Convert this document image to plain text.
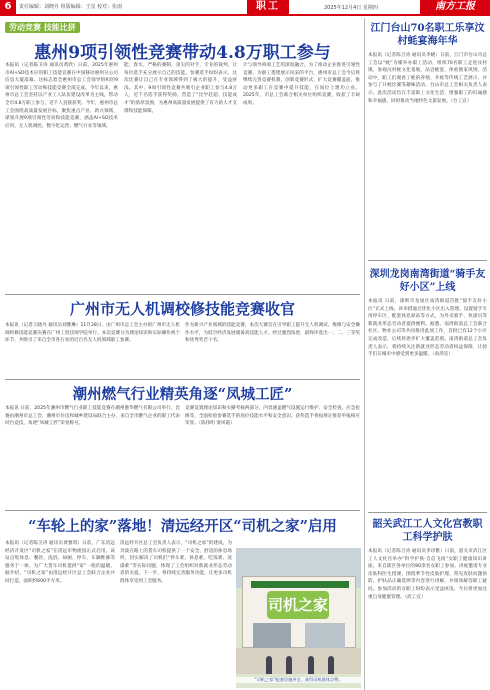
6	责任编辑：刘晓丹 组版编辑：王星 校对：张雨	职工	2025年12月4日 星期四	南方工报
劳动竞赛 技能比拼
惠州9项引领性竞赛带动4.8万职工参与
本报讯（记者陈卫涛 通讯员黄欣）日前，2025年惠州市AI+SO技术应用职工技能竞赛在中国移动惠州分公司信息大厦落幕。这标志着全惠州市总工会领导组织的9项引领性职工劳动和技能竞赛全部完成。今年以来，惠州市总工会坚持以产业工人队伍建设改革为主线，带动全市4.8万职工参与，近千人直接获奖。今年，惠州市总工会围绕高质量发展目标，聚焦重点产业、新兴领域，谋划开展9项引领性劳动和技能竞赛，涵盖AI+SO技术应用、无人机调控、数字化运营、燃气行业等领域。
能，春水，严格的赛制，顶尖的对手，专业的裁判，让每位选手充分展示自己的技能。参赛选手纷纷表示，这次比赛让自己在专业领域得到了极大的提升，受益匪浅。其中，9项引领性竞赛共吸引企业职工参与4.8万人，近千名选手获得奖励，营造了“比学赶超、技能成才”的浓厚氛围，为惠州高质量发展提供了有力的人才支撑和技能保障。
计与领导两项工艺的深度融合。为了推动企业推进引领性竞赛、为职工搭建展示风采的平台，惠州市总工会今后将继续完善竞赛机制，创新竞赛形式，扩大竞赛覆盖面，推动更多职工在竞赛中提升技能，在岗位上建功立业。2025年，市总工会联合相关单位组织竞赛，收获了丰硕成果。
广州市无人机调校修技能竞赛收官
本报讯（记者王晓丹 通讯员刘雅琳）11月28日，由广州市总工会主办的广州市无人机调校修技能竞赛决赛在广州工贸技师学院举行。本次竞赛分为理论知识和实际操作两个环节，共吸引了来自全市各行业的近百名无人机领域职工参赛。
作为新兴产业领域的技能竞赛，本次大赛旨在引导职工提升无人机调试、维修与安全操作水平，为低空经济发展储备高技能人才。经过激烈角逐，最终评选出一、二、三等奖和优秀奖若干名。
潮州燃气行业精英角逐“凤城工匠”
本报讯 日前，2025年潮州市燃气行业职工技能竞赛在潮州港华燃气有限公司举行。比赛由潮州市总工会、潮州市住房和城乡建设局联合主办，来自全市燃气企业的职工代表同台竞技，角逐“凤城工匠”荣誉称号。
竞赛设置理论知识和实操考核两部分，内容涵盖燃气设施运行维护、安全检查、应急抢修等，全面检验参赛选手的岗位技能水平和安全意识。获奖选手将按规定推荐申报相应荣誉。（陈伟明 梁凤霞）
“车轮上的家”落地！清远经开区“司机之家”启用
本报讯（记者陈卫涛 通讯员黄雅琪）日前，广东清远经济开发区“司机之家”在清远市物流园正式启用。该站点集休息、餐饮、洗浴、如厕、停车、车辆维修等服务于一体，为广大货车司机提供“家”一般的温暖。据介绍，“司机之家”由清远经开区总工会联合企业共同打造，面积约600平方米。
清远经开区总工会负责人表示，“司机之家”的建成，为奔波在路上的货车司机提供了一个安全、舒适的休息场所，切实解决了司机们“停车难、休息难、吃饭难、洗澡难”等实际问题，体现了工会组织对新就业形态劳动者的关爱。下一步，将持续完善服务功能，让更多司机群体享受到工会服务。
司机之家
“司机之家”配套设施齐全，获得司机群体点赞。
江门台山70名职工乐享汶村蚝宴海年华
本报讯（记者陈卫涛 通讯员李晓）日前，江门市台山市总工会以“蚝”为媒举办职工活动，组织70名职工走进汶村镇，参观汶村蚝文化基地，品尝蚝宴，体验渔家风情。活动中，职工们观看了蚝的养殖、开蚝等传统工艺展示，并参与了开蚝比赛等趣味活动。台山市总工会相关负责人表示，此次活动旨在丰富职工文化生活，增强职工的归属感和幸福感，同时推动当地特色文旅发展。（台工宣）
深圳龙岗南湾街道“骑手友好小区”上线
本报讯 日前，深圳市龙岗区南湾街道首批“骑手友好小区”正式上线。该举措通过优化小区出入管理、设置骑手专用停车区、配套休息驿站等方式，为外卖骑手、快递员等新就业形态劳动者提供便利。据悉，南湾街道总工会联合社区、物业公司等共同推进此项工作，首批已有12个小区完成改造，后续将逐步扩大覆盖范围。南湾街道总工会负责人表示，将持续关注新就业形态劳动者权益保障，让骑手们在城市中感受到更多温暖。（南湾宣）
韶关武江工人文化宫教职工科学护肤
本报讯（记者陈卫涛 通讯员李诗雅）日前，韶关市武江区工人文化宫举办“科学护肤·自信飞扬”女职工健康知识讲座。来自辖区各单位的80余名女职工参加。讲座邀请专业皮肤科医生授课，围绕季节性皮肤护理、常见皮肤问题预防、护肤品正确选择等内容进行讲解，并现场解答职工疑问。参加活动的女职工纷纷表示受益匪浅，今后将更加注重自身健康管理。（武工宣）
